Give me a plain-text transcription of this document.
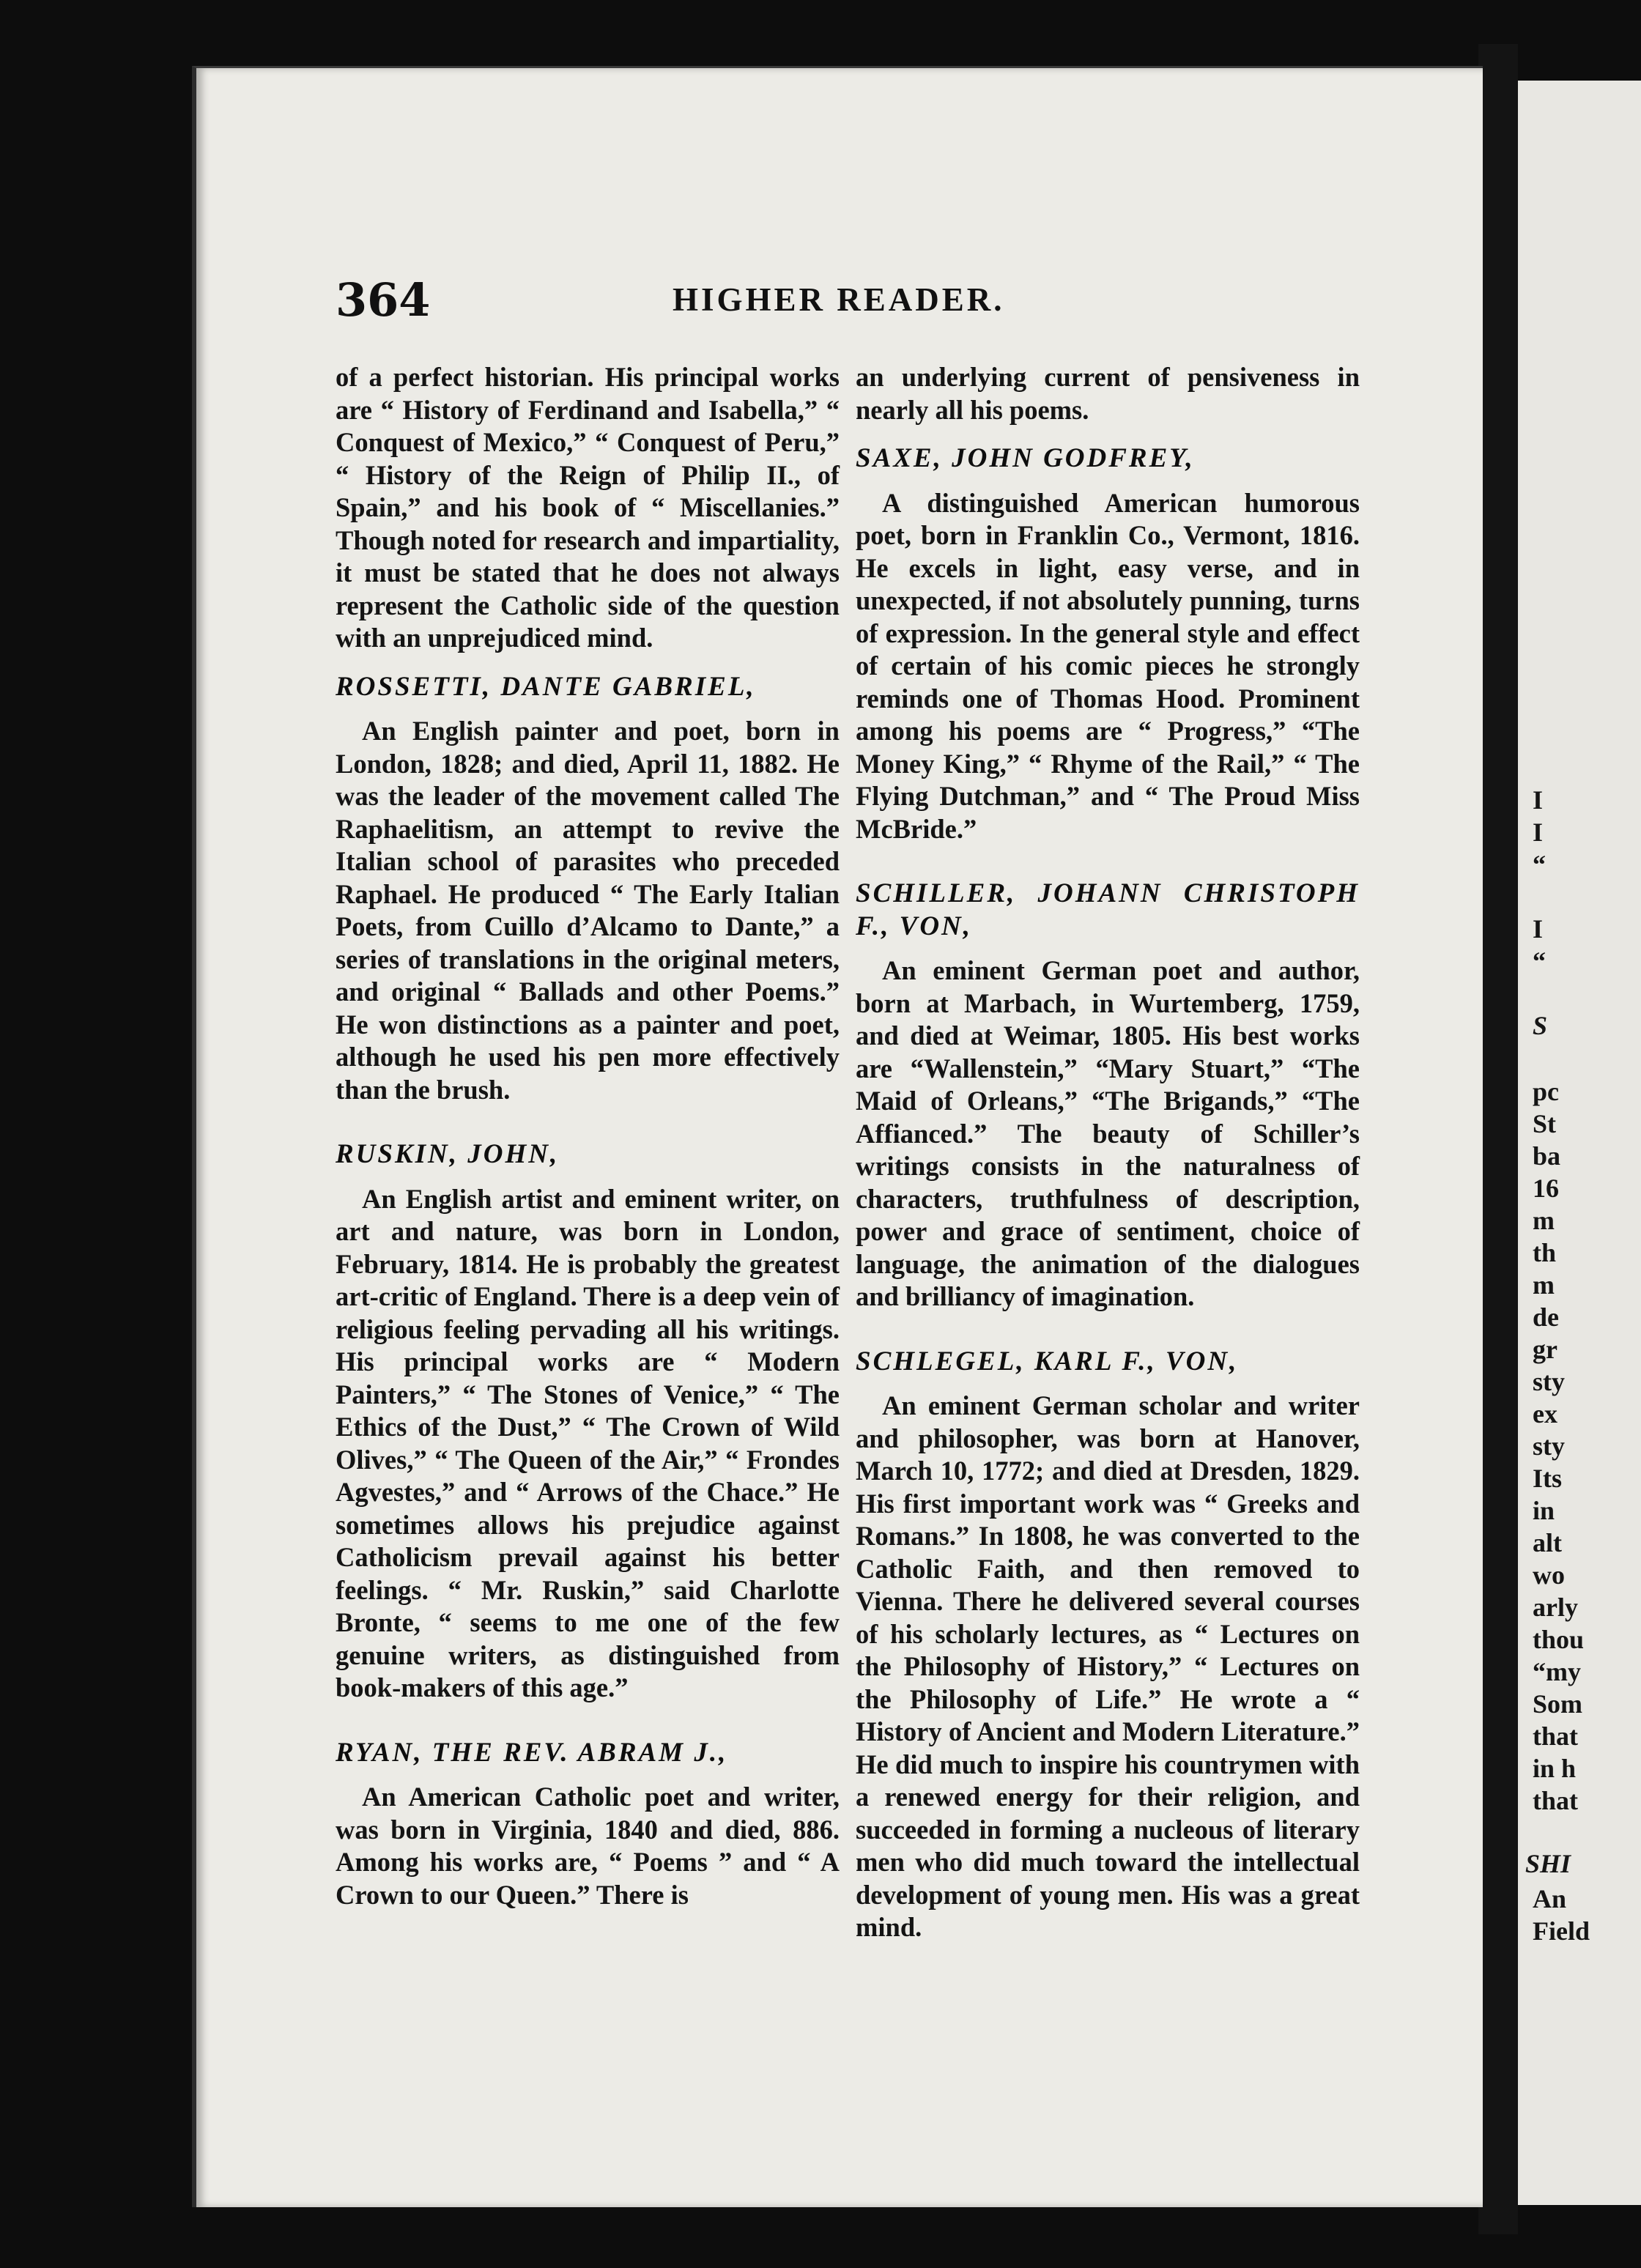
364	HIGHER READER.

of a perfect historian. His principal works are “ History of Ferdinand and Isabella,” “ Conquest of Mexico,” “ Conquest of Peru,” “ History of the Reign of Philip II., of Spain,” and his book of “ Miscellanies.” Though noted for research and impartiality, it must be stated that he does not always represent the Catholic side of the question with an unprejudiced mind.

ROSSETTI, DANTE GABRIEL,

An English painter and poet, born in London, 1828; and died, April 11, 1882. He was the leader of the movement called The Raphaelitism, an attempt to revive the Italian school of parasites who preceded Raphael. He produced “ The Early Italian Poets, from Cuillo d’Alcamo to Dante,” a series of translations in the original meters, and original “ Ballads and other Poems.” He won distinctions as a painter and poet, although he used his pen more effectively than the brush.

RUSKIN, JOHN,

An English artist and eminent writer, on art and nature, was born in London, February, 1814. He is probably the greatest art-critic of England. There is a deep vein of religious feeling pervading all his writings. His principal works are “ Modern Painters,” “ The Stones of Venice,” “ The Ethics of the Dust,” “ The Crown of Wild Olives,” “ The Queen of the Air,” “ Frondes Agvestes,” and “ Arrows of the Chace.” He sometimes allows his prejudice against Catholicism prevail against his better feelings. “ Mr. Ruskin,” said Charlotte Bronte, “ seems to me one of the few genuine writers, as distinguished from book-makers of this age.”

RYAN, THE REV. ABRAM J.,

An American Catholic poet and writer, was born in Virginia, 1840 and died, 886. Among his works are, “ Poems ” and “ A Crown to our Queen.” There is

an underlying current of pensiveness in nearly all his poems.

SAXE, JOHN GODFREY,

A distinguished American humorous poet, born in Franklin Co., Vermont, 1816. He excels in light, easy verse, and in unexpected, if not absolutely punning, turns of expression. In the general style and effect of certain of his comic pieces he strongly reminds one of Thomas Hood. Prominent among his poems are “ Progress,” “The Money King,” “ Rhyme of the Rail,” “ The Flying Dutchman,” and “ The Proud Miss McBride.”

SCHILLER, JOHANN CHRISTOPH F., VON,

An eminent German poet and author, born at Marbach, in Wurtemberg, 1759, and died at Weimar, 1805. His best works are “Wallenstein,” “Mary Stuart,” “The Maid of Orleans,” “The Brigands,” “The Affianced.” The beauty of Schiller’s writings consists in the naturalness of characters, truthfulness of description, power and grace of sentiment, choice of language, the animation of the dialogues and brilliancy of imagination.

SCHLEGEL, KARL F., VON,

An eminent German scholar and writer and philosopher, was born at Hanover, March 10, 1772; and died at Dresden, 1829. His first important work was “ Greeks and Romans.” In 1808, he was converted to the Catholic Faith, and then removed to Vienna. There he delivered several courses of his scholarly lectures, as “ Lectures on the Philosophy of History,” “ Lectures on the Philosophy of Life.” He wrote a “ History of Ancient and Modern Literature.” He did much to inspire his countrymen with a renewed energy for their religion, and succeeded in forming a nucleous of literary men who did much toward the intellectual development of young men. His was a great mind.

I
I
“
I
“
S
pc
St
ba
16
m
th
m
de
gr
sty
ex
sty
Its
in
alt
wo
arly
thou
“my
Som
that
in h
that
SHI
An
Field
